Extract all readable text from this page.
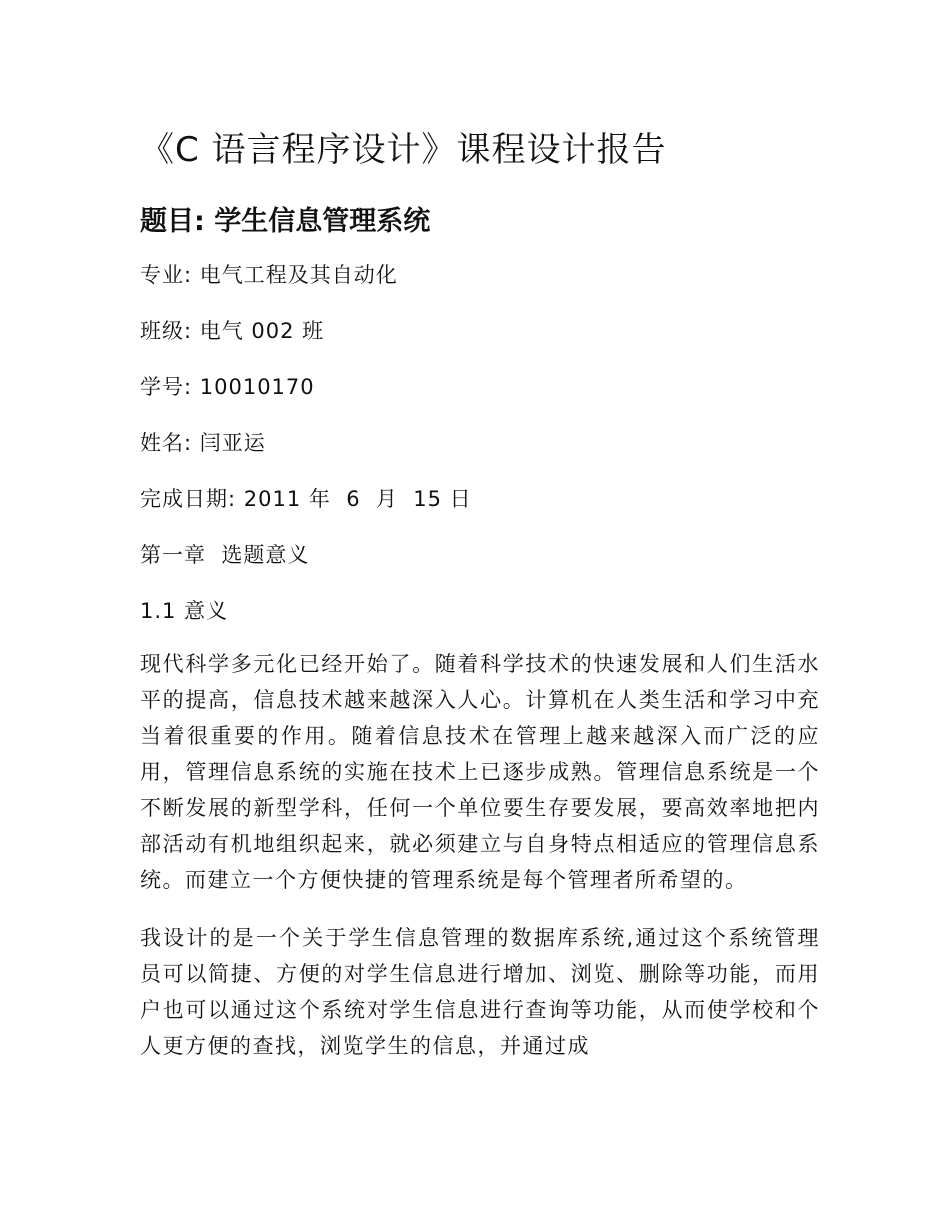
《C 语言程序设计》课程设计报告
题目: 学生信息管理系统

专业: 电气工程及其自动化

班级: 电气 002 班

学号: 10010170

姓名: 闫亚运

完成日期: 2011 年  6  月  15 日

第一章  选题意义

1.1 意义

现代科学多元化已经开始了。随着科学技术的快速发展和人们生活水平的提高，信息技术越来越深入人心。计算机在人类生活和学习中充当着很重要的作用。随着信息技术在管理上越来越深入而广泛的应用，管理信息系统的实施在技术上已逐步成熟。管理信息系统是一个不断发展的新型学科，任何一个单位要生存要发展，要高效率地把内部活动有机地组织起来，就必须建立与自身特点相适应的管理信息系统。而建立一个方便快捷的管理系统是每个管理者所希望的。

我设计的是一个关于学生信息管理的数据库系统,通过这个系统管理员可以简捷、方便的对学生信息进行增加、浏览、删除等功能，而用户也可以通过这个系统对学生信息进行查询等功能，从而使学校和个人更方便的查找，浏览学生的信息，并通过成
